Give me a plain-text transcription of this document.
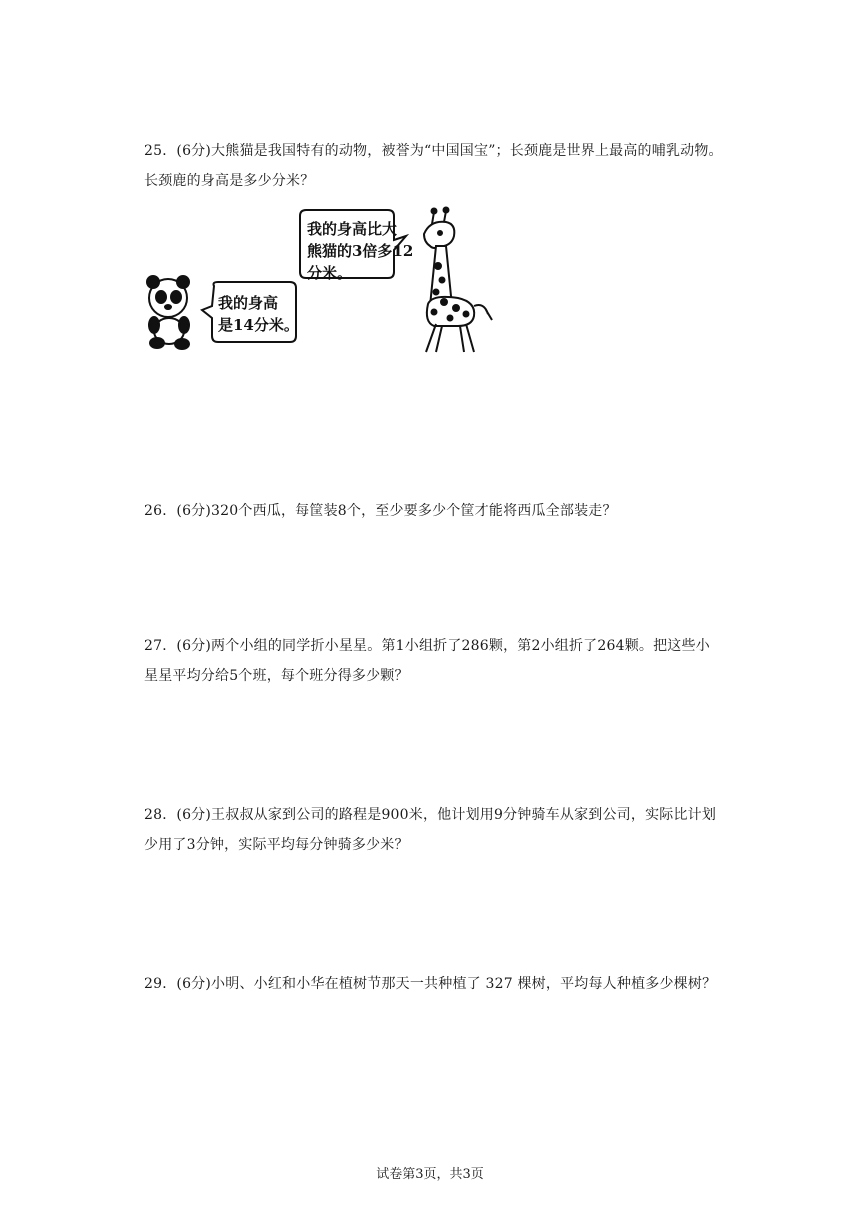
25．(6分)大熊猫是我国特有的动物，被誉为“中国国宝”；长颈鹿是世界上最高的哺乳动物。长颈鹿的身高是多少分米？

我的身高
是14分米。
我的身高比大
熊猫的3倍多12
分米。

26．(6分)320个西瓜，每筐装8个，至少要多少个筐才能将西瓜全部装走？

27．(6分)两个小组的同学折小星星。第1小组折了286颗，第2小组折了264颗。把这些小星星平均分给5个班，每个班分得多少颗？

28．(6分)王叔叔从家到公司的路程是900米，他计划用9分钟骑车从家到公司，实际比计划少用了3分钟，实际平均每分钟骑多少米？

29．(6分)小明、小红和小华在植树节那天一共种植了 327 棵树，平均每人种植多少棵树？

试卷第3页，共3页
